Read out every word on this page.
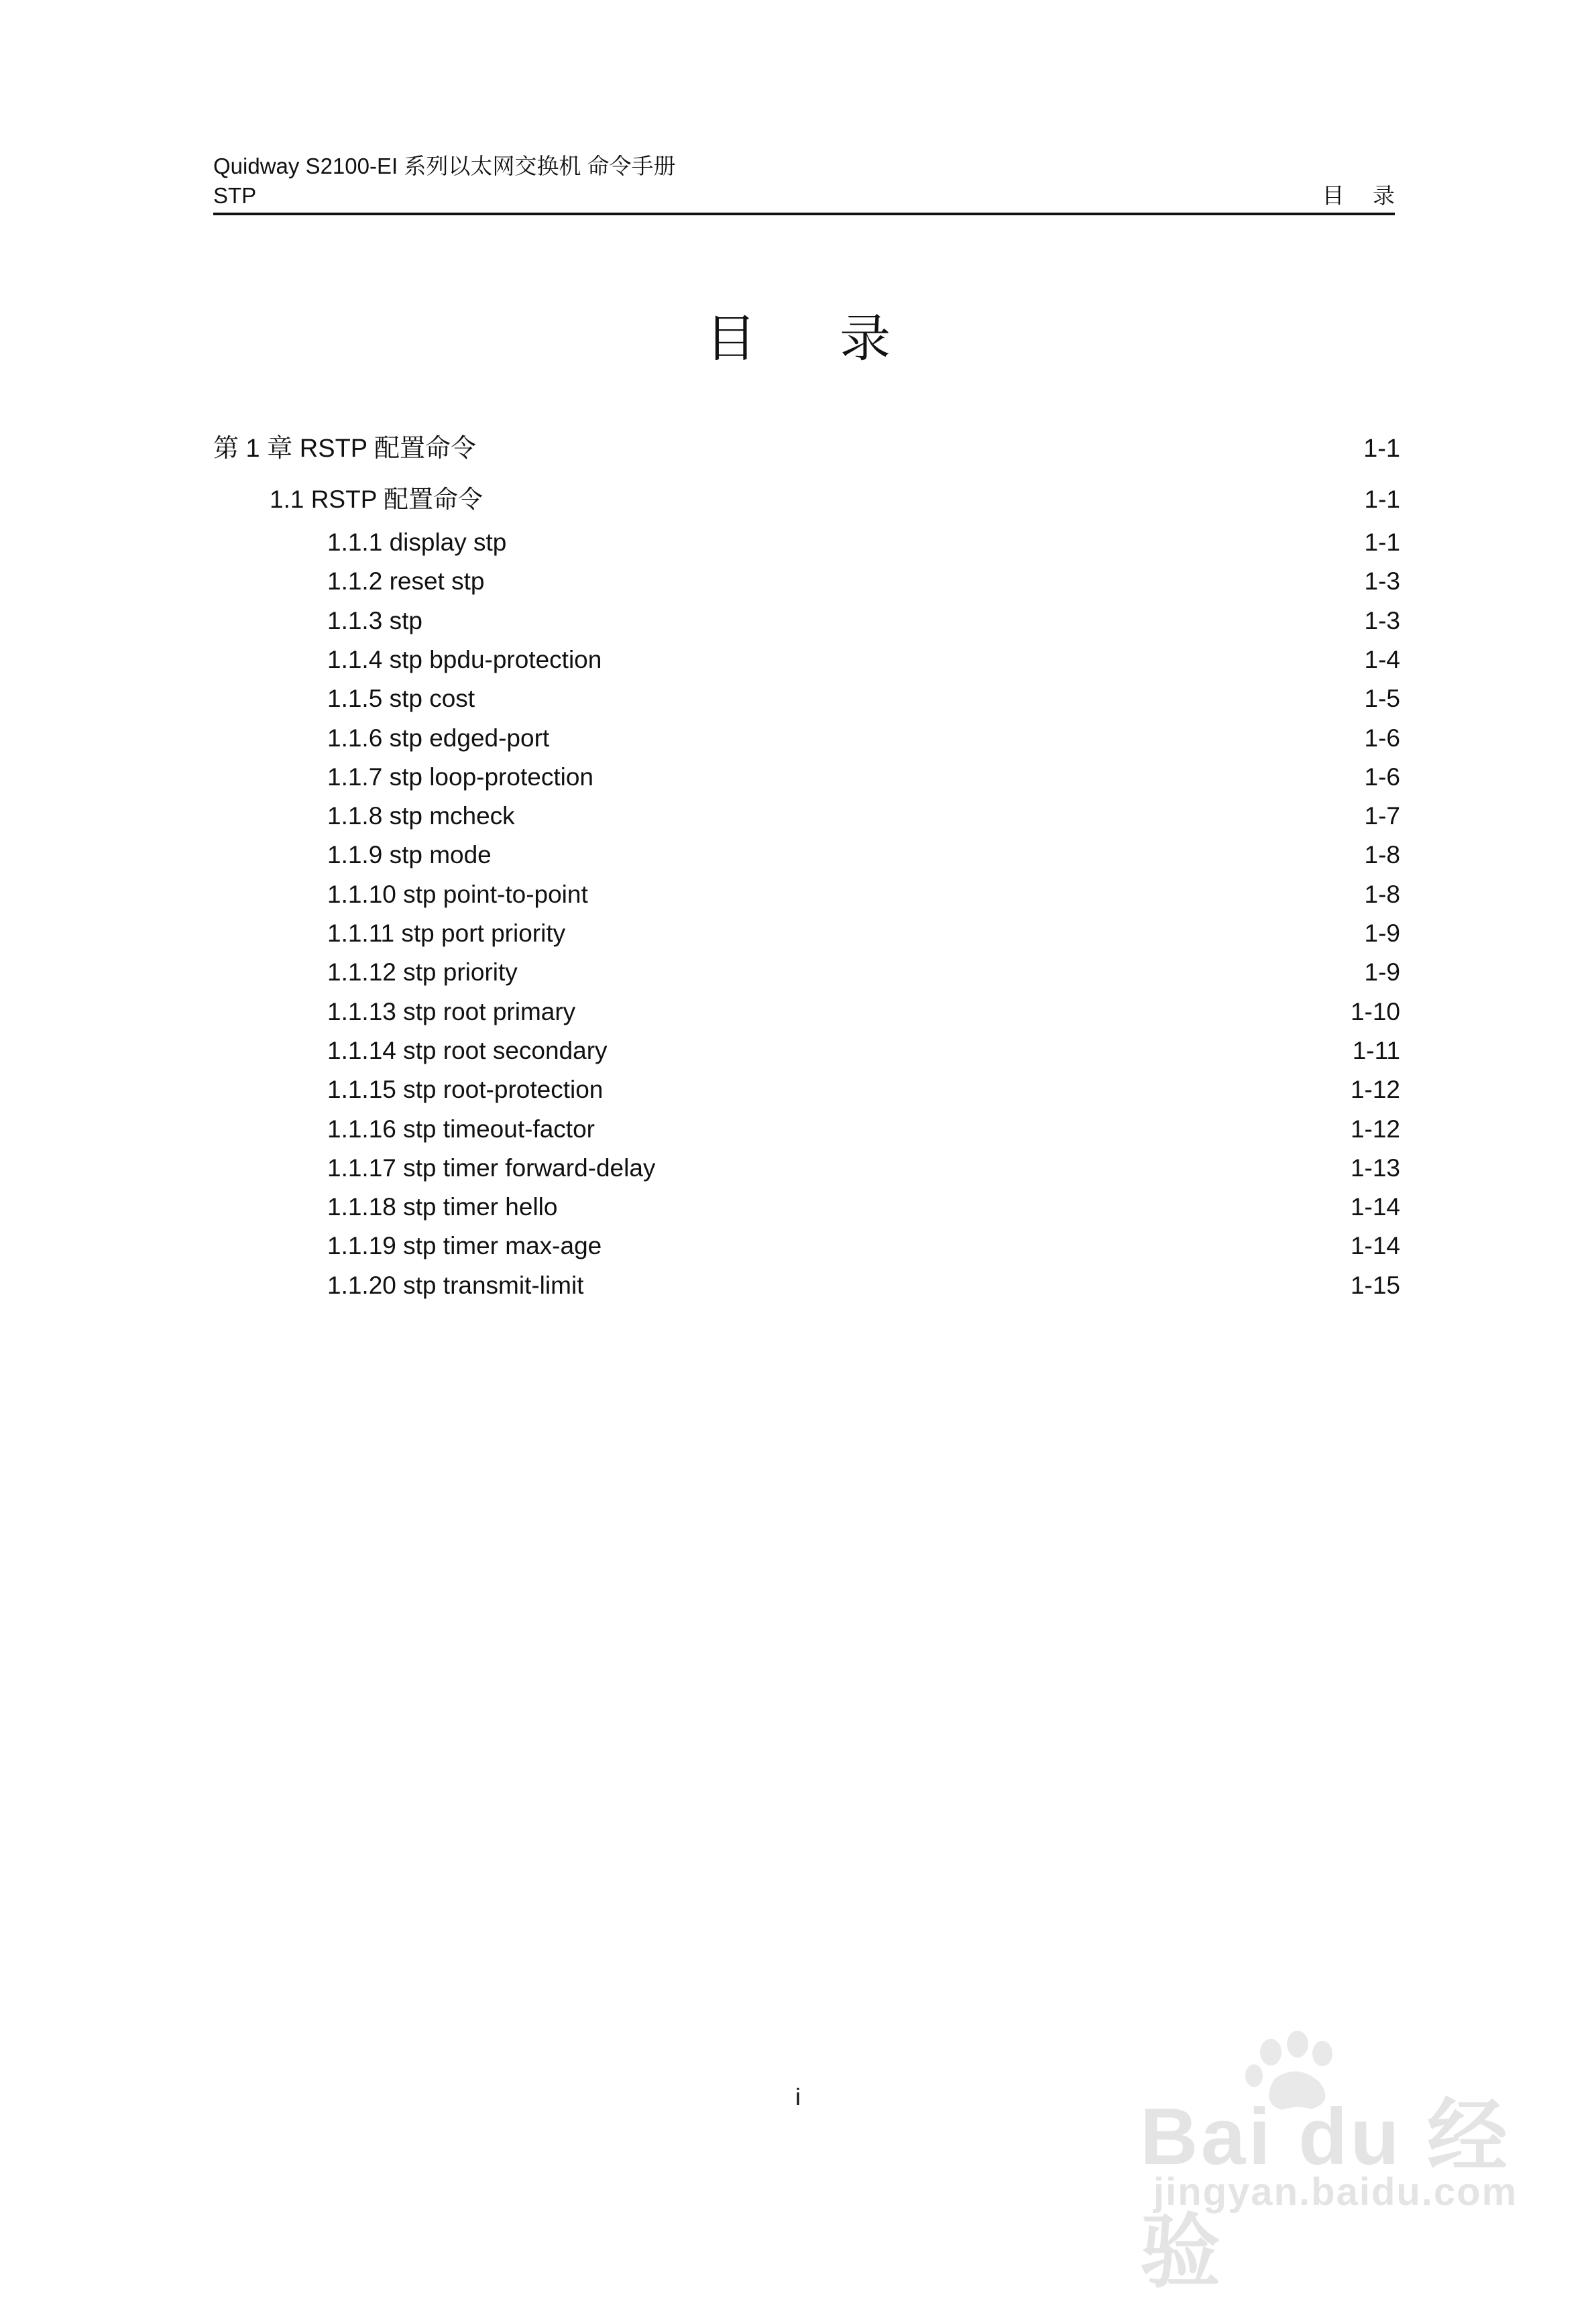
Quidway S2100-EI 系列以太网交换机 命令手册
STP	目 录
目 录
第 1 章 RSTP 配置命令	1-1
1.1 RSTP 配置命令	1-1
1.1.1 display stp	1-1
1.1.2 reset stp	1-3
1.1.3 stp	1-3
1.1.4 stp bpdu-protection	1-4
1.1.5 stp cost	1-5
1.1.6 stp edged-port	1-6
1.1.7 stp loop-protection	1-6
1.1.8 stp mcheck	1-7
1.1.9 stp mode	1-8
1.1.10 stp point-to-point	1-8
1.1.11 stp port priority	1-9
1.1.12 stp priority	1-9
1.1.13 stp root primary	1-10
1.1.14 stp root secondary	1-11
1.1.15 stp root-protection	1-12
1.1.16 stp timeout-factor	1-12
1.1.17 stp timer forward-delay	1-13
1.1.18 stp timer hello	1-14
1.1.19 stp timer max-age	1-14
1.1.20 stp transmit-limit	1-15
i	Bai du 经验
jingyan.baidu.com
